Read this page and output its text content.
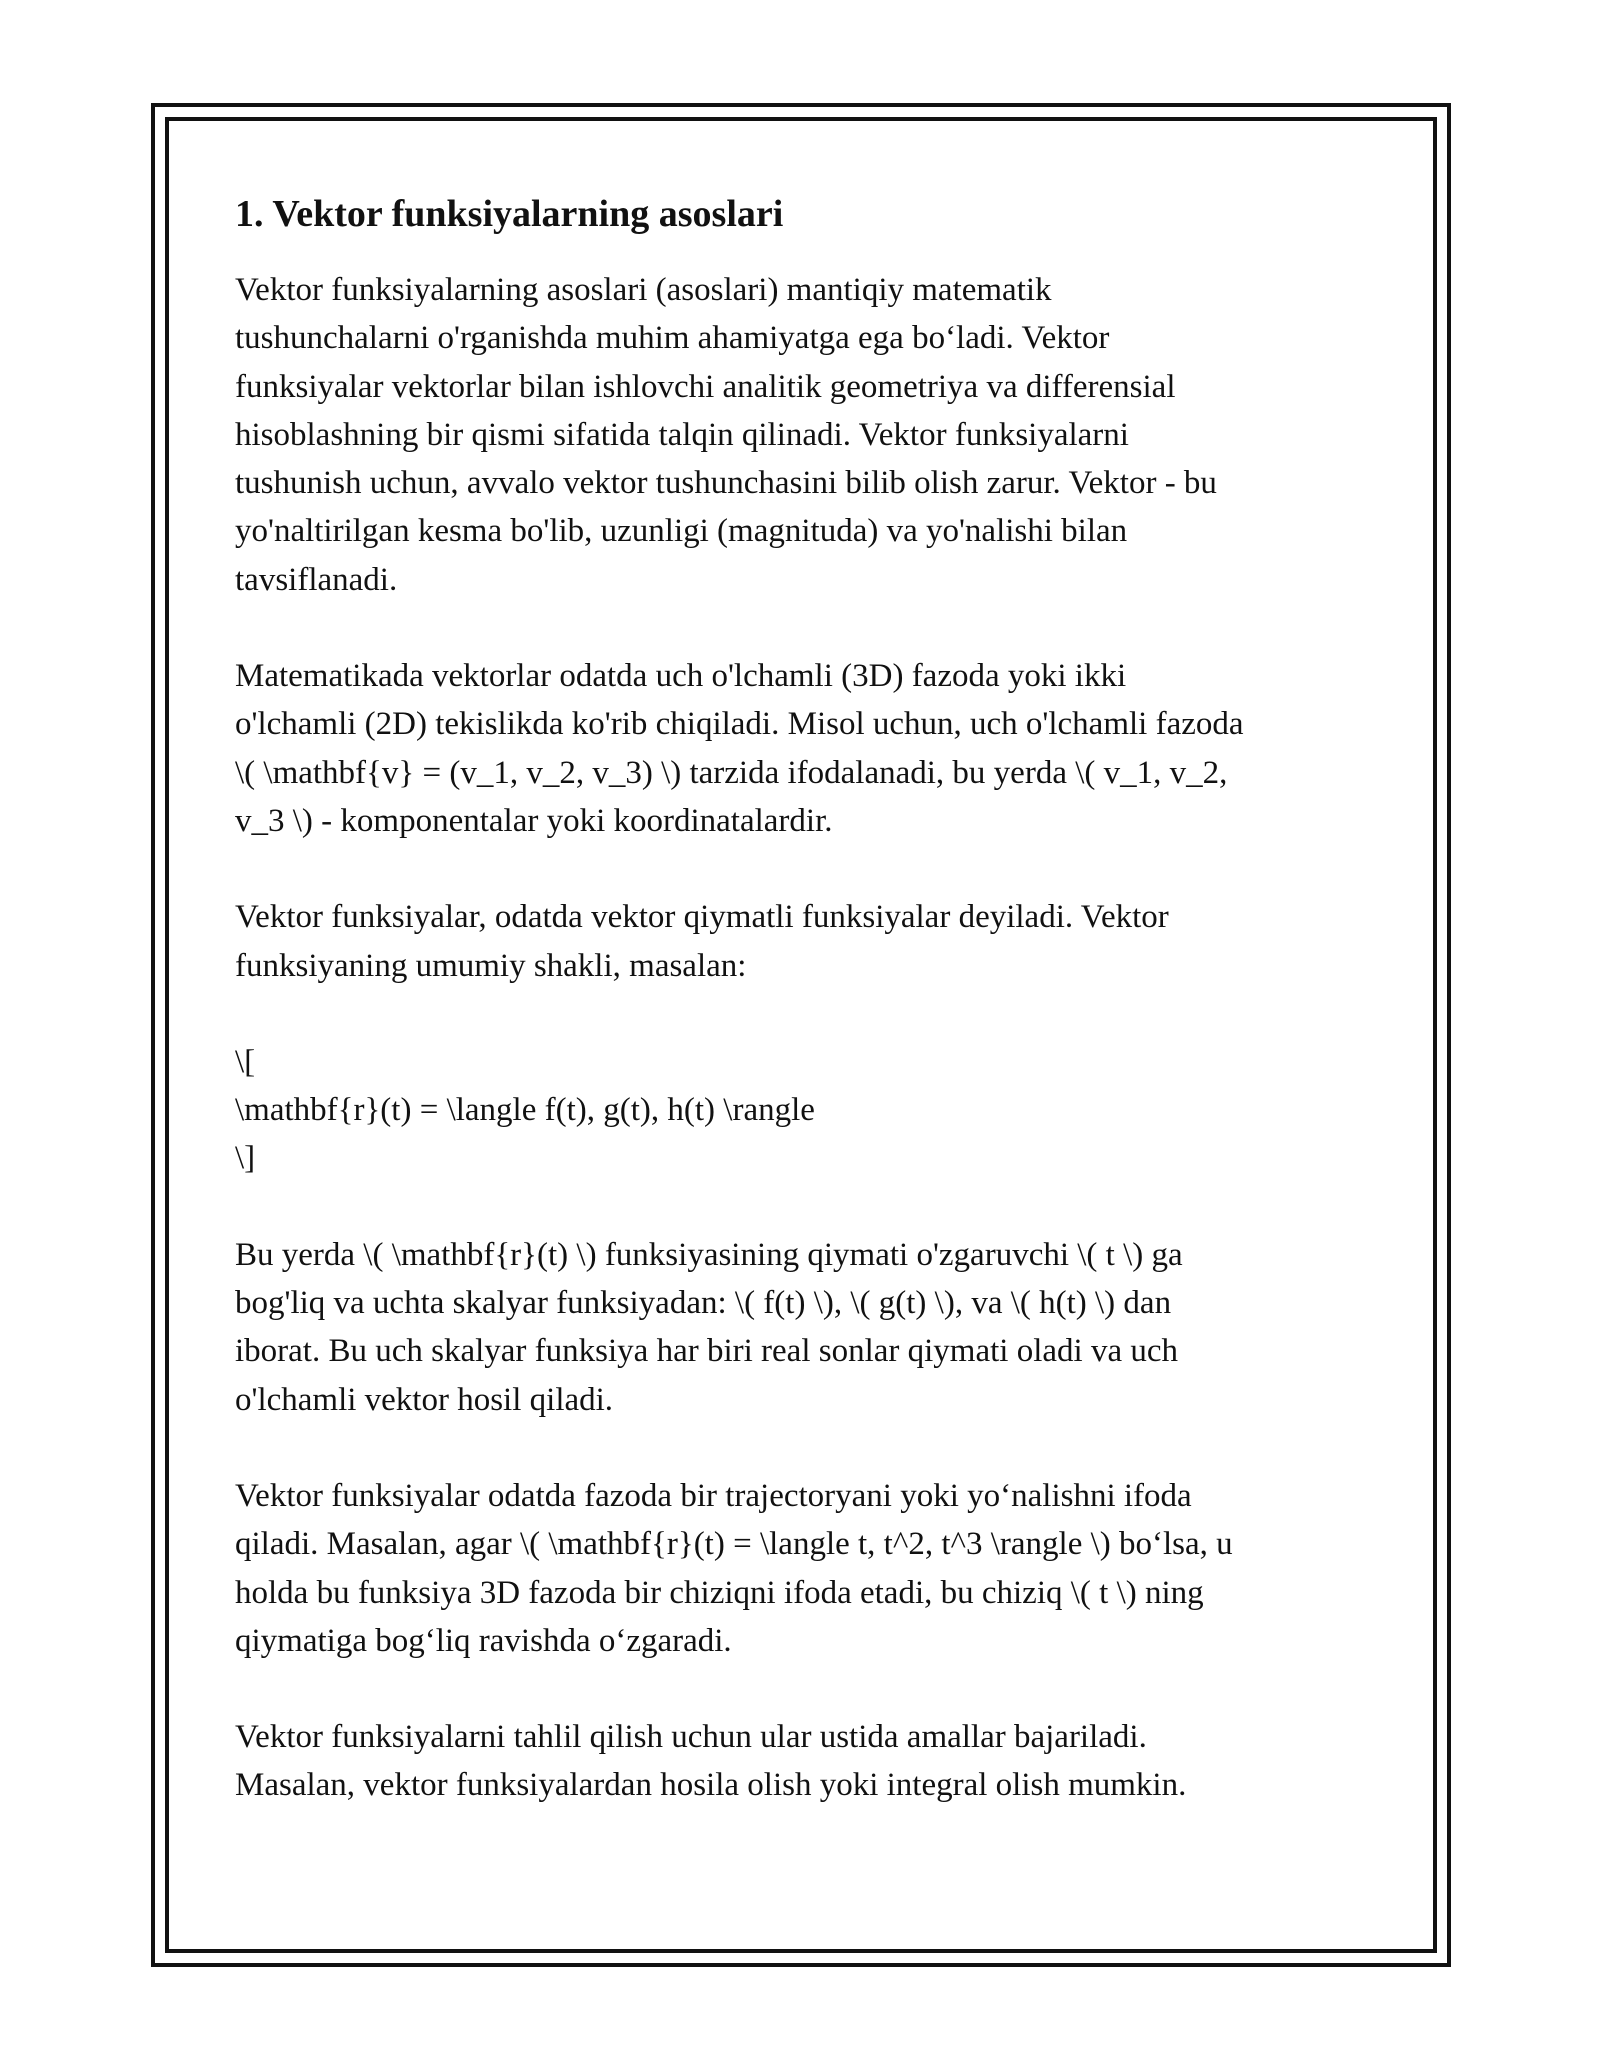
1. Vektor funksiyalarning asoslari

Vektor funksiyalarning asoslari (asoslari) mantiqiy matematik
tushunchalarni o'rganishda muhim ahamiyatga ega bo‘ladi. Vektor
funksiyalar vektorlar bilan ishlovchi analitik geometriya va differensial
hisoblashning bir qismi sifatida talqin qilinadi. Vektor funksiyalarni
tushunish uchun, avvalo vektor tushunchasini bilib olish zarur. Vektor - bu
yo'naltirilgan kesma bo'lib, uzunligi (magnituda) va yo'nalishi bilan
tavsiflanadi.

Matematikada vektorlar odatda uch o'lchamli (3D) fazoda yoki ikki
o'lchamli (2D) tekislikda ko'rib chiqiladi. Misol uchun, uch o'lchamli fazoda
\( \mathbf{v} = (v_1, v_2, v_3) \) tarzida ifodalanadi, bu yerda \( v_1, v_2,
v_3 \) - komponentalar yoki koordinatalardir.

Vektor funksiyalar, odatda vektor qiymatli funksiyalar deyiladi. Vektor
funksiyaning umumiy shakli, masalan:

\[
\mathbf{r}(t) = \langle f(t), g(t), h(t) \rangle
\]

Bu yerda \( \mathbf{r}(t) \) funksiyasining qiymati o'zgaruvchi \( t \) ga
bog'liq va uchta skalyar funksiyadan: \( f(t) \), \( g(t) \), va \( h(t) \) dan
iborat. Bu uch skalyar funksiya har biri real sonlar qiymati oladi va uch
o'lchamli vektor hosil qiladi.

Vektor funksiyalar odatda fazoda bir trajectoryani yoki yo‘nalishni ifoda
qiladi. Masalan, agar \( \mathbf{r}(t) = \langle t, t^2, t^3 \rangle \) bo‘lsa, u
holda bu funksiya 3D fazoda bir chiziqni ifoda etadi, bu chiziq \( t \) ning
qiymatiga bog‘liq ravishda o‘zgaradi.

Vektor funksiyalarni tahlil qilish uchun ular ustida amallar bajariladi.
Masalan, vektor funksiyalardan hosila olish yoki integral olish mumkin.
